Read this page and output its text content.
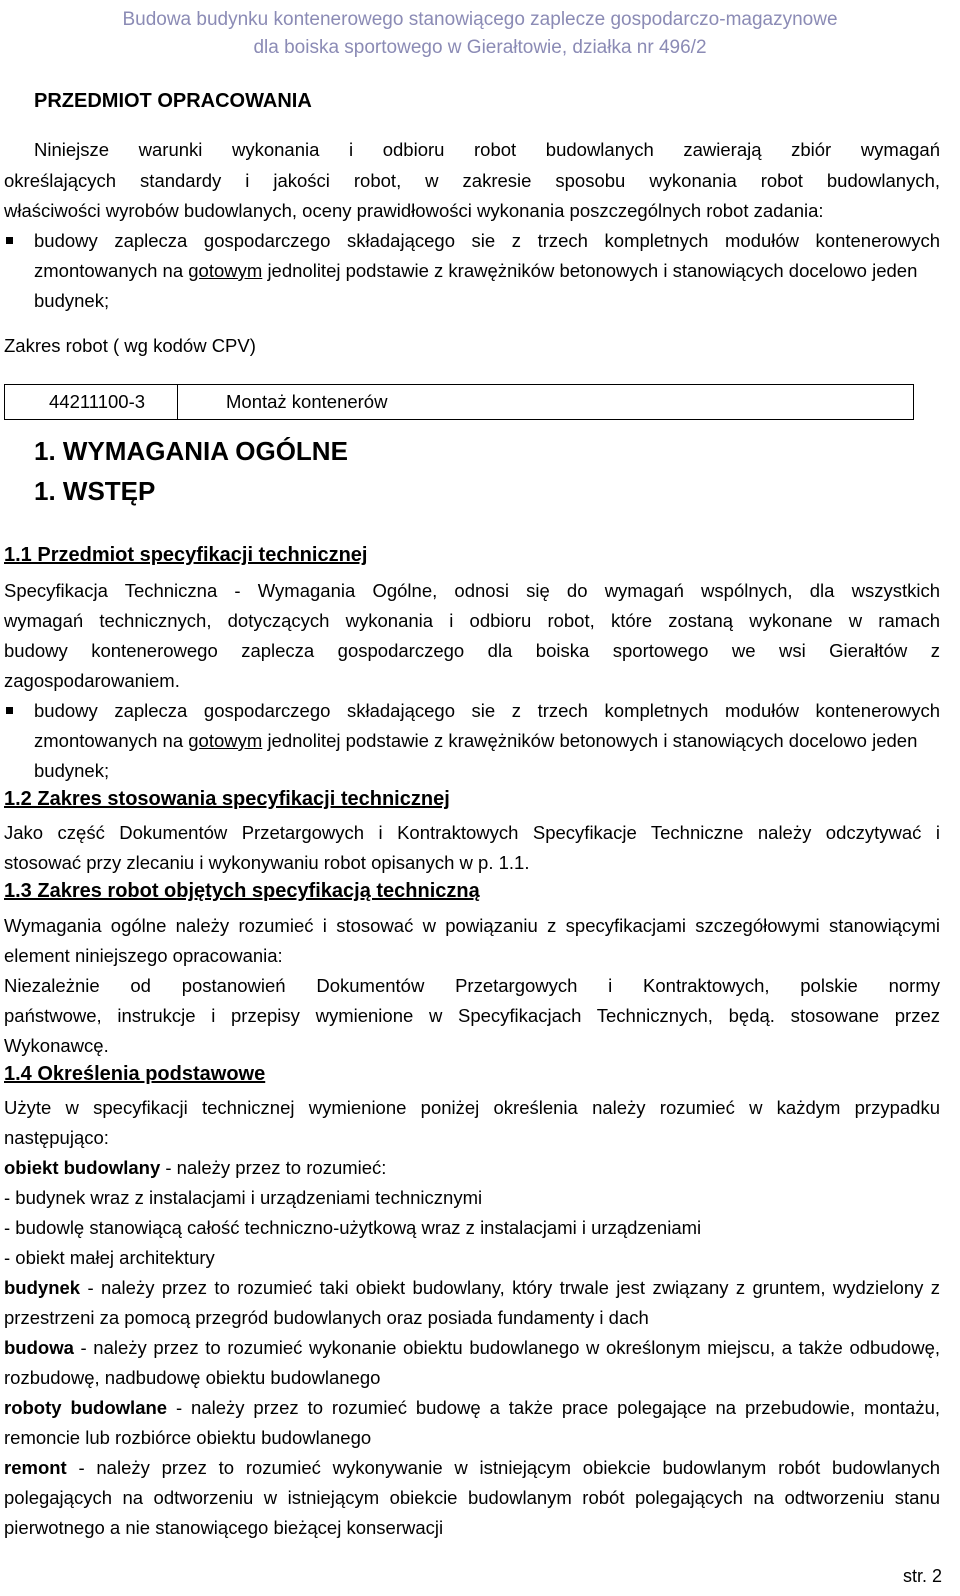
Budowa budynku kontenerowego stanowiącego zaplecze gospodarczo-magazynowe
dla boiska sportowego w Gierałtowie, działka nr 496/2
PRZEDMIOT OPRACOWANIA
Niniejsze warunki wykonania i odbioru robot budowlanych zawierają zbiór wymagań
określających standardy i jakości robot, w zakresie sposobu wykonania robot budowlanych,
właściwości wyrobów budowlanych, oceny prawidłowości wykonania poszczególnych robot zadania:
budowy zaplecza gospodarczego składającego sie z trzech kompletnych modułów kontenerowych
zmontowanych na gotowym jednolitej podstawie z krawężników betonowych i stanowiących docelowo jeden
budynek;
Zakres robot ( wg kodów CPV)
44211100-3	Montaż kontenerów
1. WYMAGANIA OGÓLNE
1. WSTĘP
1.1 Przedmiot specyfikacji technicznej
Specyfikacja Techniczna - Wymagania Ogólne, odnosi się do wymagań wspólnych, dla wszystkich
wymagań technicznych, dotyczących wykonania i odbioru robot, które zostaną wykonane w ramach
budowy kontenerowego zaplecza gospodarczego dla boiska sportowego we wsi Gierałtów z
zagospodarowaniem.
budowy zaplecza gospodarczego składającego sie z trzech kompletnych modułów kontenerowych
zmontowanych na gotowym jednolitej podstawie z krawężników betonowych i stanowiących docelowo jeden
budynek;
1.2 Zakres stosowania specyfikacji technicznej
Jako część Dokumentów Przetargowych i Kontraktowych Specyfikacje Techniczne należy odczytywać i
stosować przy zlecaniu i wykonywaniu robot opisanych w p. 1.1.
1.3 Zakres robot objętych specyfikacją techniczną
Wymagania ogólne należy rozumieć i stosować w powiązaniu z specyfikacjami szczegółowymi stanowiącymi
element niniejszego opracowania:
Niezależnie od postanowień Dokumentów Przetargowych i Kontraktowych, polskie normy
państwowe, instrukcje i przepisy wymienione w Specyfikacjach Technicznych, będą. stosowane przez
Wykonawcę.
1.4 Określenia podstawowe
Użyte w specyfikacji technicznej wymienione poniżej określenia należy rozumieć w każdym przypadku
następująco:
obiekt budowlany - należy przez to rozumieć:
- budynek wraz z instalacjami i urządzeniami technicznymi
- budowlę stanowiącą całość techniczno-użytkową wraz z instalacjami i urządzeniami
- obiekt małej architektury
budynek - należy przez to rozumieć taki obiekt budowlany, który trwale jest związany z gruntem, wydzielony z
przestrzeni za pomocą przegród budowlanych oraz posiada fundamenty i dach
budowa - należy przez to rozumieć wykonanie obiektu budowlanego w określonym miejscu, a także odbudowę,
rozbudowę, nadbudowę obiektu budowlanego
roboty budowlane - należy przez to rozumieć budowę a także prace polegające na przebudowie, montażu,
remoncie lub rozbiórce obiektu budowlanego
remont - należy przez to rozumieć wykonywanie w istniejącym obiekcie budowlanym robót budowlanych
polegających na odtworzeniu w istniejącym obiekcie budowlanym robót polegających na odtworzeniu stanu
pierwotnego a nie stanowiącego bieżącej konserwacji
str. 2
